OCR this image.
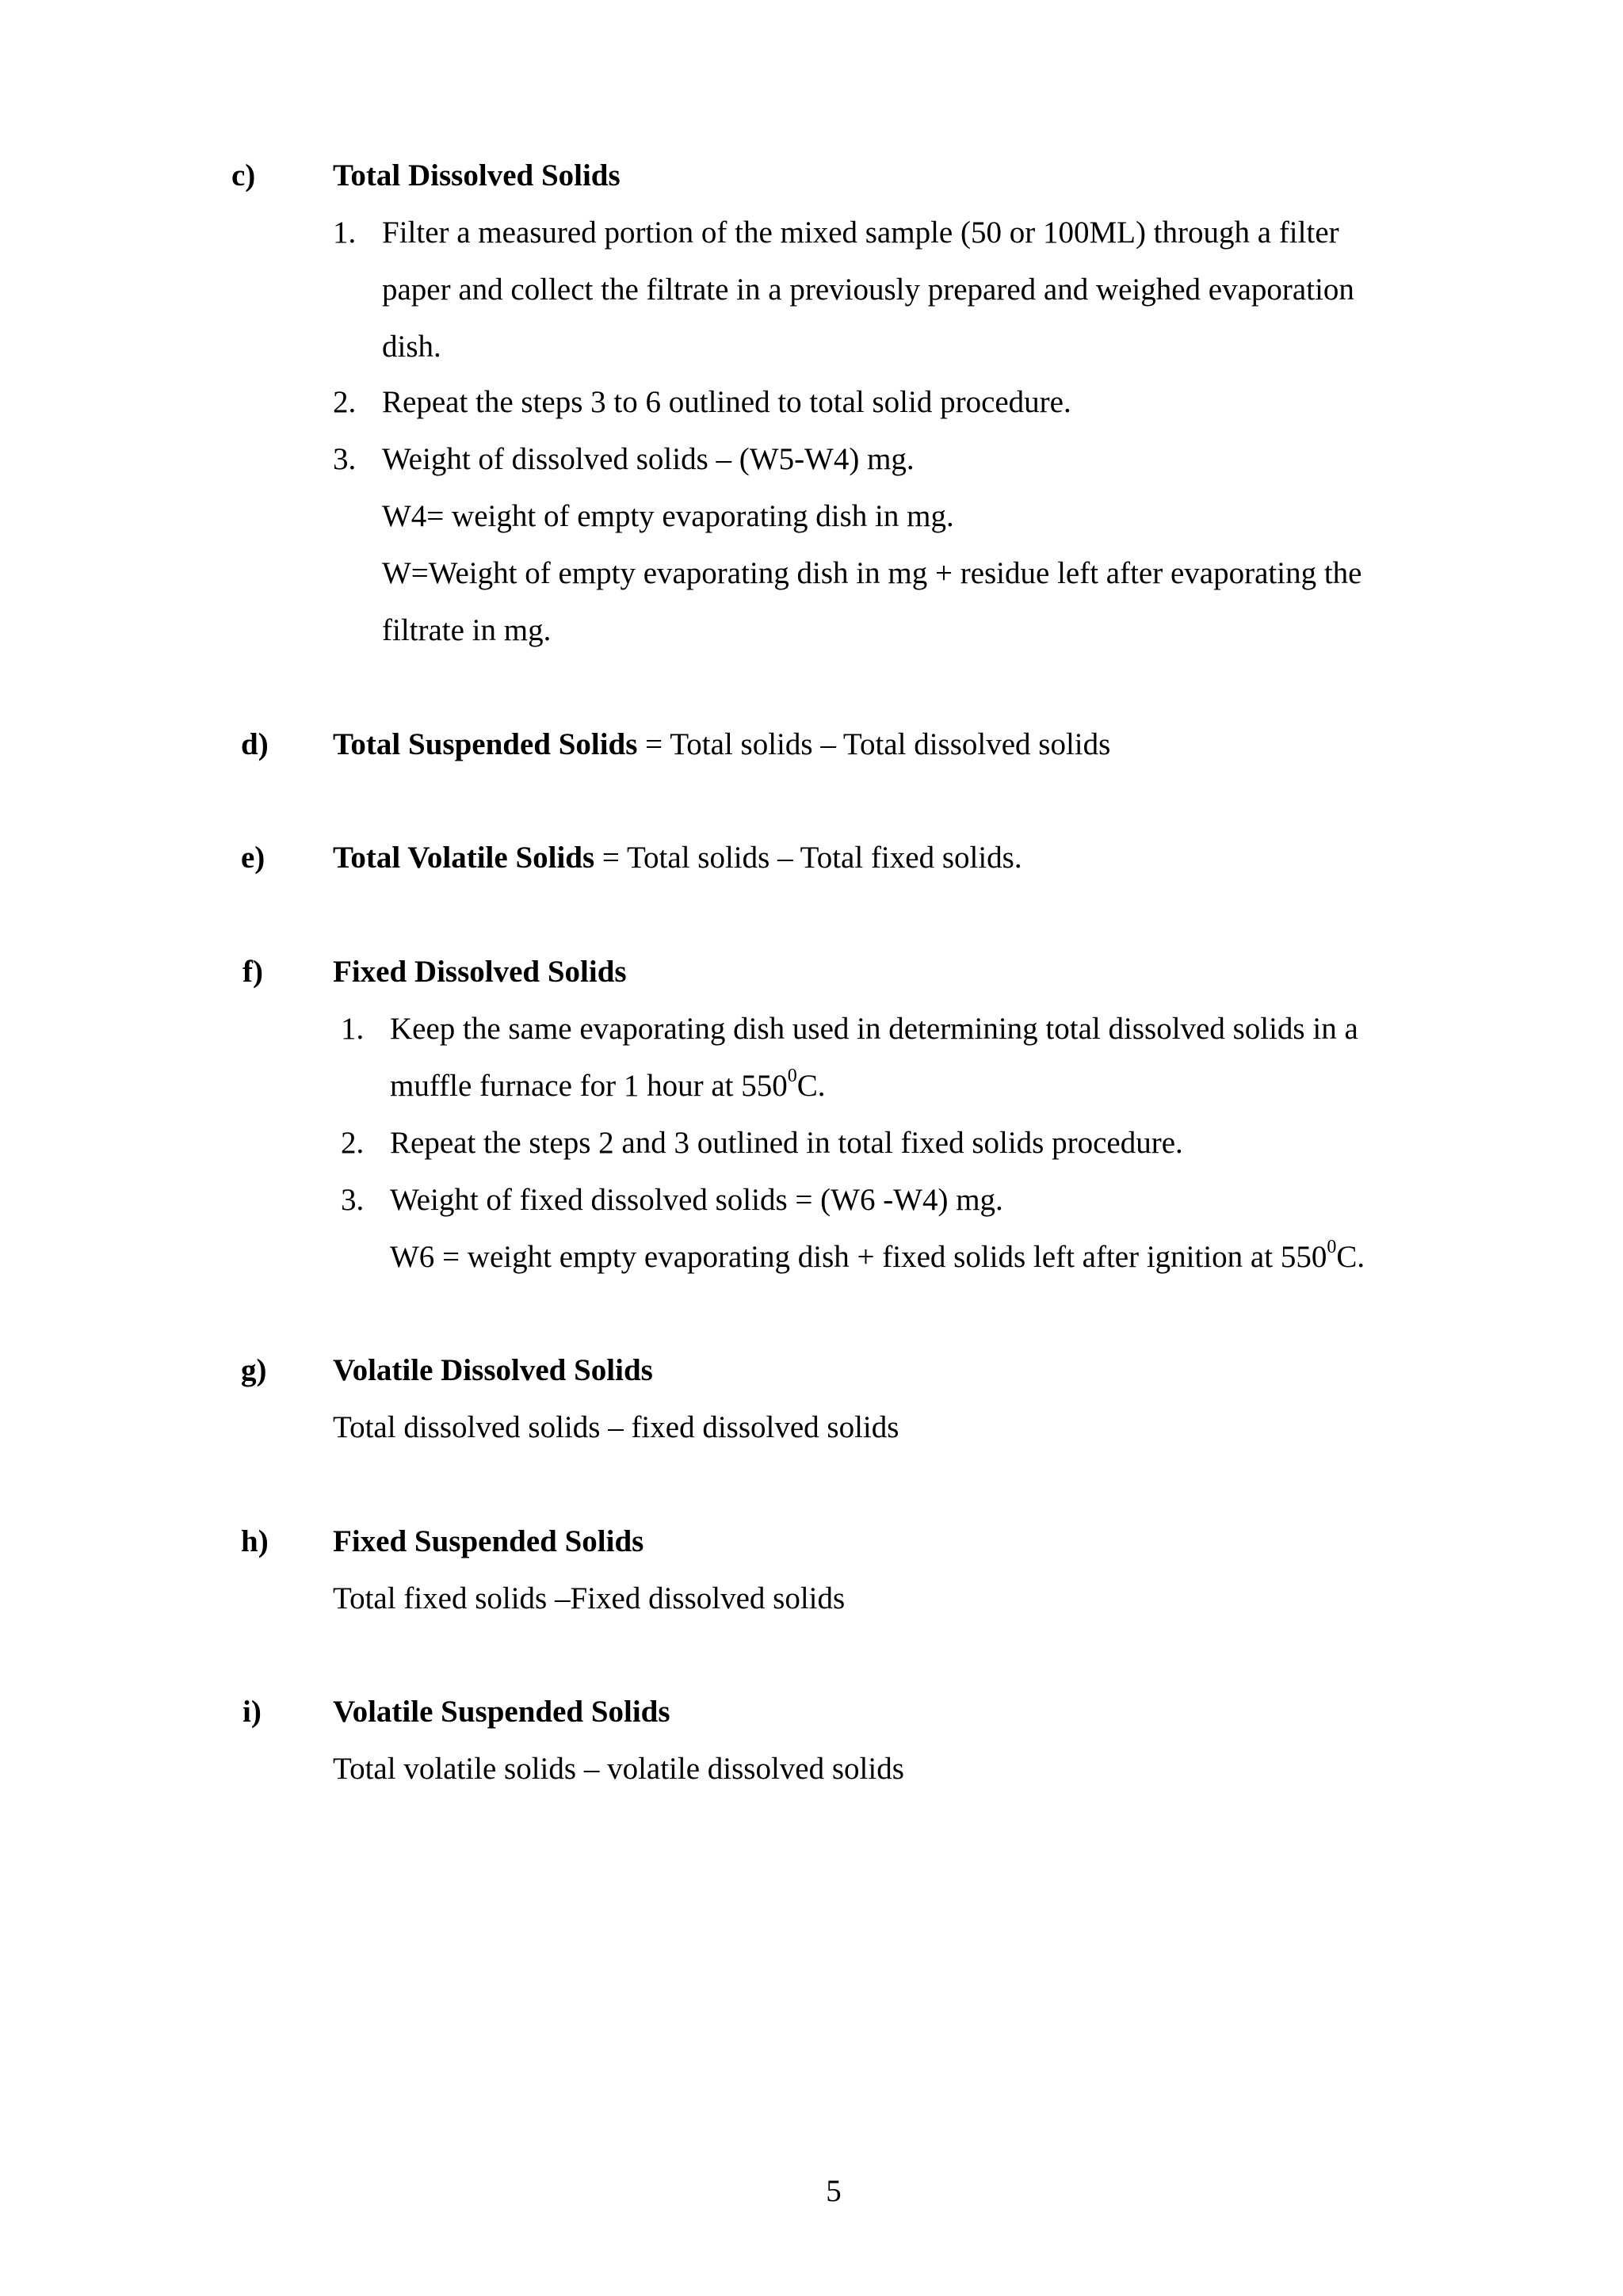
c)	Total Dissolved Solids
1. Filter a measured portion of the mixed sample (50 or 100ML) through a filter
paper and collect the filtrate in a previously prepared and weighed evaporation
dish.
2. Repeat the steps 3 to 6 outlined to total solid procedure.
3. Weight of dissolved solids – (W5-W4) mg.
W4= weight of empty evaporating dish in mg.
W=Weight of empty evaporating dish in mg + residue left after evaporating the
filtrate in mg.
d)	Total Suspended Solids = Total solids – Total dissolved solids
e)	Total Volatile Solids = Total solids – Total fixed solids.
f)	Fixed Dissolved Solids
1. Keep the same evaporating dish used in determining total dissolved solids in a
muffle furnace for 1 hour at $550^0C$.
2. Repeat the steps 2 and 3 outlined in total fixed solids procedure.
3. Weight of fixed dissolved solids = (W6 -W4) mg.
W6 = weight empty evaporating dish + fixed solids left after ignition at $550^0C$.
g)	Volatile Dissolved Solids
Total dissolved solids – fixed dissolved solids
h)	Fixed Suspended Solids
Total fixed solids –Fixed dissolved solids
i)	Volatile Suspended Solids
Total volatile solids – volatile dissolved solids
5
